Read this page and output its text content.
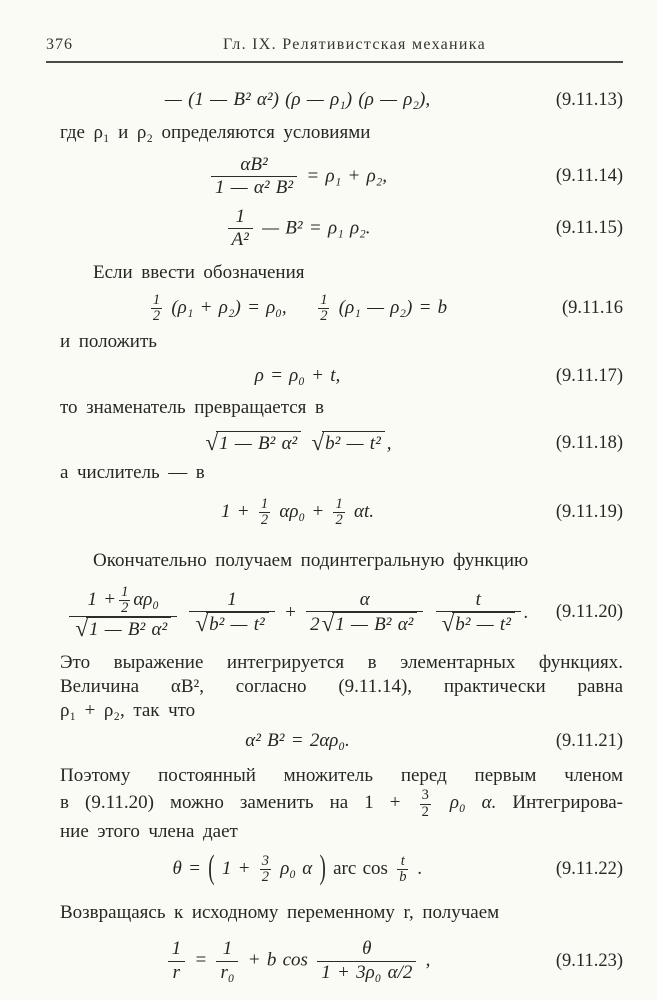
376	Гл. IX. Релятивистская механика
— (1 — B² α²) (ρ — ρ₁) (ρ — ρ₂),	(9.11.13)
где ρ₁ и ρ₂ определяются условиями
$\frac{\text{αB²}}{\text{1 — α² B²}} = \rho_1 + \rho_2$,	(9.11.14)
$\frac{1}{\text{A²}}$ — B² = ρ₁ ρ₂.	(9.11.15)
Если ввести обозначения
$\frac{1}{2} (\rho_1 + \rho_2) = \rho_0$, $\frac{1}{2} (\rho_1$ — ρ₂) = b	(9.11.16
и положить
ρ = ρ₀ + t,	(9.11.17)
то знаменатель превращается в
√1 — B² α² √b² — t² ,	(9.11.18)
а числитель — в
$1 + \frac{1}{2} \alpha\rho_0 + \frac{1}{2} \alpha t$.	(9.11.19)
Окончательно получаем подинтегральную функцию
$\frac{1 + \frac{1}{2} \alpha\rho_0}{\text{√1 — B² α²}}$
$\frac{1}{\text{√b² — t²}} + \frac{\alpha}{\text{2√1 — B² α²}}$
$\frac{t}{\text{√b² — t²}}$ .	(9.11.20)
Это выражение интегрируется в элементарных функциях.
Величина αB², согласно (9.11.14), практически равна
ρ₁ + ρ₂, так что
α² B² = 2αρ₀.	(9.11.21)
Поэтому постоянный множитель перед первым членом
в (9.11.20) можно заменить на $1 + \frac{3}{2} \rho_0$ α. Интегрирова-
ние этого члена дает
θ = ( $1 + \frac{3}{2} \rho_0$ α ) arc $\cos \frac{t}{b}$ .	(9.11.22)
Возвращаясь к исходному переменному r, получаем
$\frac{1}{r} = \frac{1}{\text{r₀}} + b$ $\cos \frac{\theta}{\text{1 + 3ρ₀ α/2}}$ ,	(9.11.23)
